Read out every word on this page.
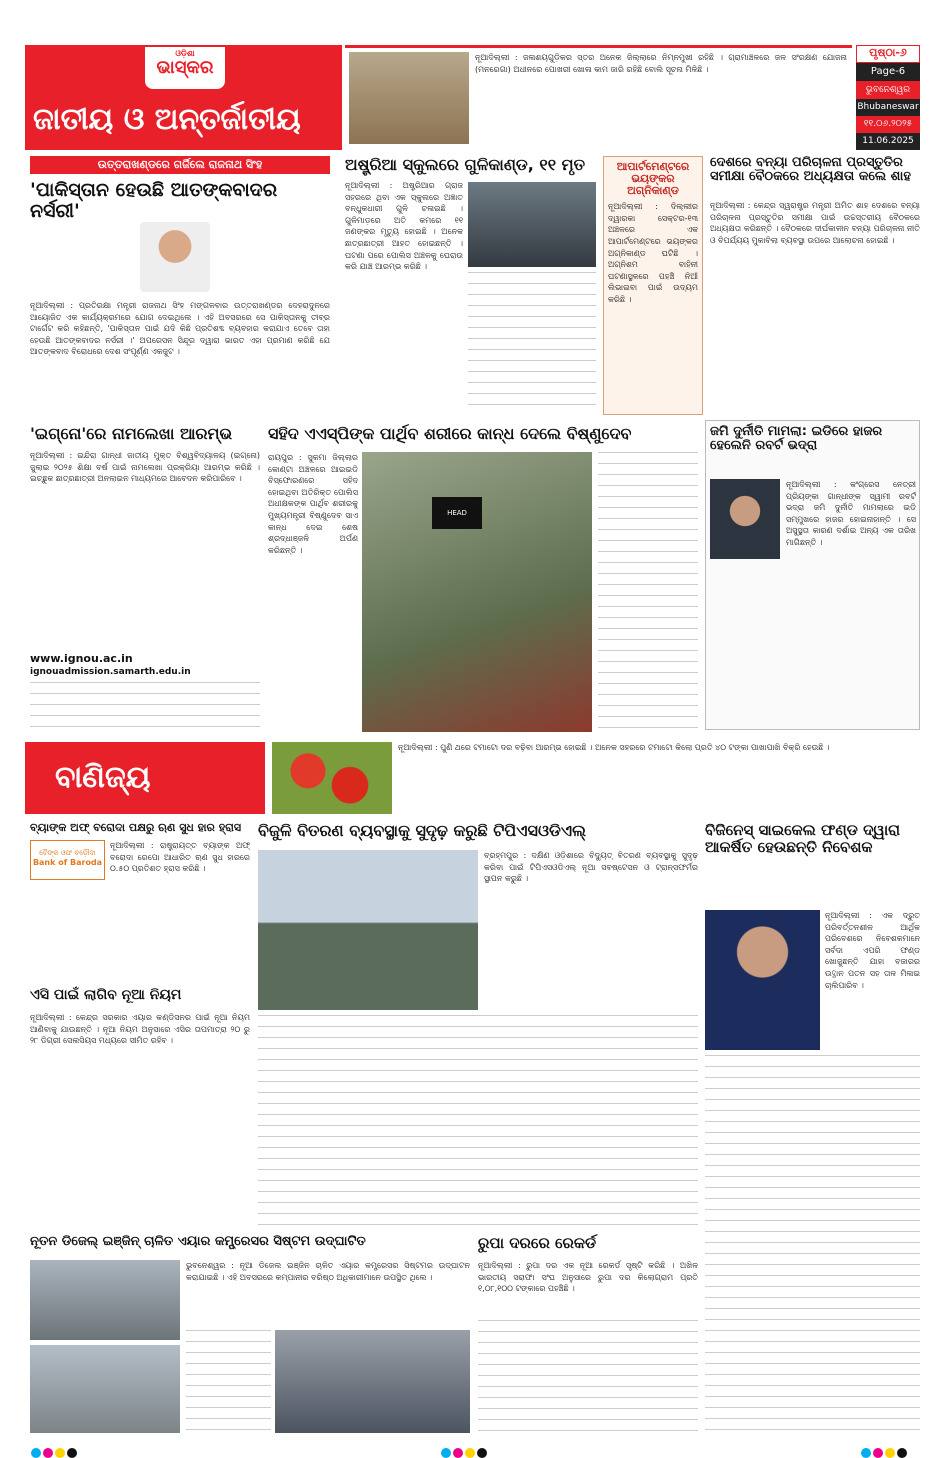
ଓଡ଼ିଶା
ଭାସ୍କର
ଜାତୀୟ ଓ ଅନ୍ତର୍ଜାତୀୟ
ନୂଆଦିଲ୍ଲୀ : ଜଳାଶୟଗୁଡ଼ିକର ସ୍ତର ଅନେକ ଜିଲ୍ଲାରେ ନିମ୍ନମୁଖୀ ରହିଛି । ଗ୍ରାମାଞ୍ଚଳରେ ଜଳ ସଂରକ୍ଷଣ ଯୋଜନା (ମନରେଗା) ଅଧୀନରେ ପୋଖରୀ ଖୋଳା କାମ ଜାରି ରହିଛି ବୋଲି ସୂଚନା ମିଳିଛି ।
ପୃଷ୍ଠା-୬
Page-6
ଭୁବନେଶ୍ୱର
Bhubaneswar
୧୧.୦୬.୨୦୨୫
11.06.2025
ଉତ୍ତରାଖଣ୍ଡରେ ଗର୍ଜିଲେ ରାଜନାଥ ସିଂହ
'ପାକିସ୍ତାନ ହେଉଛି ଆତଙ୍କବାଦର ନର୍ସରୀ'
ନୂଆଦିଲ୍ଲୀ : ପ୍ରତିରକ୍ଷା ମନ୍ତ୍ରୀ ରାଜନାଥ ସିଂହ ମଙ୍ଗଳବାର ଉତ୍ତରାଖଣ୍ଡର ଦେହରାଦୁନରେ ଆୟୋଜିତ ଏକ କାର୍ଯ୍ୟକ୍ରମରେ ଯୋଗ ଦେଇଥିଲେ । ଏହି ଅବସରରେ ସେ ପାକିସ୍ତାନକୁ ତୀବ୍ର ଟାର୍ଗେଟ କରି କହିଛନ୍ତି, 'ପାକିସ୍ତାନ ପାଇଁ ଯଦି କିଛି ପ୍ରତିଶବ୍ଦ ବ୍ୟବହାର କରାଯାଏ ତେବେ ତାହା ହେଉଛି ଆତଙ୍କବାଦର ନର୍ସରୀ ।' ଅପରେସନ ସିନ୍ଦୂର ଦ୍ୱାରା ଭାରତ ଏହା ପ୍ରମାଣ କରିଛି ଯେ ଆତଙ୍କବାଦ ବିରୋଧରେ ଦେଶ ସଂପୂର୍ଣ୍ଣ ଏକଜୁଟ ।
ଅଷ୍ଟ୍ରିଆ ସ୍କୁଲରେ ଗୁଳିକାଣ୍ଡ, ୧୧ ମୃତ
ନୂଆଦିଲ୍ଲୀ : ଅଷ୍ଟ୍ରିଆର ଗ୍ରାଜ ସହରରେ ଥିବା ଏକ ସ୍କୁଲରେ ଅଜ୍ଞାତ ବନ୍ଧୁକଧାରୀ ଗୁଳି ଚଳାଇଛି । ଗୁଳିମାଡ଼ରେ ଅତି କମରେ ୧୧ ଜଣଙ୍କର ମୃତ୍ୟୁ ହୋଇଛି । ଅନେକ ଛାତ୍ରଛାତ୍ରୀ ଆହତ ହୋଇଛନ୍ତି । ଘଟଣା ପରେ ପୋଲିସ ଅଞ୍ଚଳକୁ ଘେରାଉ କରି ଯାଞ୍ଚ ଆରମ୍ଭ କରିଛି ।
ଆପାର୍ଟମେଣ୍ଟରେ ଭୟଙ୍କର ଅଗ୍ନିକାଣ୍ଡ
ନୂଆଦିଲ୍ଲୀ : ଦିଲ୍ଲୀର ଦ୍ୱାରକା ସେକ୍ଟର-୧୩ ଅଞ୍ଚଳରେ ଏକ ଆପାର୍ଟମେଣ୍ଟରେ ଭୟଙ୍କର ଅଗ୍ନିକାଣ୍ଡ ଘଟିଛି । ଅଗ୍ନିଶମ ବାହିନୀ ଘଟଣାସ୍ଥଳରେ ପହଞ୍ଚି ନିଆଁ ଲିଭାଇବା ପାଇଁ ଉଦ୍ୟମ କରିଛି ।
ଦେଶରେ ବନ୍ୟା ପରିଚାଳନା ପ୍ରସ୍ତୁତିର ସମୀକ୍ଷା ବୈଠକରେ ଅଧ୍ୟକ୍ଷତା କଲେ ଶାହ
ନୂଆଦିଲ୍ଲୀ : କେନ୍ଦ୍ର ସ୍ୱରାଷ୍ଟ୍ର ମନ୍ତ୍ରୀ ଅମିତ ଶାହ ଦେଶରେ ବନ୍ୟା ପରିଚାଳନା ପ୍ରସ୍ତୁତିର ସମୀକ୍ଷା ପାଇଁ ଉଚ୍ଚସ୍ତରୀୟ ବୈଠକରେ ଅଧ୍ୟକ୍ଷତା କରିଛନ୍ତି । ବୈଠକରେ ଦୀର୍ଘକାଳୀନ ବନ୍ୟା ପରିଚାଳନା ନୀତି ଓ ବିପର୍ଯ୍ୟୟ ମୁକାବିଲା ବ୍ୟବସ୍ଥା ଉପରେ ଆଲୋଚନା ହୋଇଛି ।
'ଇଗ୍ନୋ'ରେ ନାମଲେଖା ଆରମ୍ଭ
ନୂଆଦିଲ୍ଲୀ : ଇନ୍ଦିରା ଗାନ୍ଧୀ ଜାତୀୟ ମୁକ୍ତ ବିଶ୍ୱବିଦ୍ୟାଳୟ (ଇଗ୍ନୋ) ଜୁଲାଇ ୨୦୨୫ ଶିକ୍ଷା ବର୍ଷ ପାଇଁ ନାମଲେଖା ପ୍ରକ୍ରିୟା ଆରମ୍ଭ କରିଛି । ଇଚ୍ଛୁକ ଛାତ୍ରଛାତ୍ରୀ ଅନଲାଇନ ମାଧ୍ୟମରେ ଆବେଦନ କରିପାରିବେ ।
www.ignou.ac.in
ignouadmission.samarth.edu.in
ସହିଦ ଏଏସ୍‌ପିଙ୍କ ପାର୍ଥିବ ଶରୀରେ କାନ୍ଧ ଦେଲେ ବିଷ୍ଣୁଦେବ
ରାୟପୁର : ସୁକମା ଜିଲ୍ଲାର କୋଣ୍ଟା ଅଞ୍ଚଳରେ ଆଇଇଡି ବିସ୍ଫୋରଣରେ ସହିଦ ହୋଇଥିବା ଅତିରିକ୍ତ ପୋଲିସ ଅଧୀକ୍ଷକଙ୍କ ପାର୍ଥିବ ଶରୀରକୁ ମୁଖ୍ୟମନ୍ତ୍ରୀ ବିଷ୍ଣୁଦେବ ସାଏ କାନ୍ଧ ଦେଇ ଶେଷ ଶ୍ରଦ୍ଧାଞ୍ଜଳି ଅର୍ପଣ କରିଛନ୍ତି ।
HEAD
ଜମି ଦୁର୍ନୀତି ମାମଲା: ଇଡିରେ ହାଜର ହେଲେନି ରବର୍ଟ ଭଦ୍ରା
ନୂଆଦିଲ୍ଲୀ : କଂଗ୍ରେସ ନେତ୍ରୀ ପ୍ରିୟଙ୍କା ଗାନ୍ଧୀଙ୍କ ସ୍ୱାମୀ ରବର୍ଟ ଭଦ୍ରା ଜମି ଦୁର୍ନୀତି ମାମଲାରେ ଇଡି ସମ୍ମୁଖରେ ହାଜର ହୋଇନାହାନ୍ତି । ସେ ଅସୁସ୍ଥତା କାରଣ ଦର୍ଶାଇ ଅନ୍ୟ ଏକ ତାରିଖ ମାଗିଛନ୍ତି ।
ବାଣିଜ୍ୟ
ନୂଆଦିଲ୍ଲୀ : ପୁଣି ଥରେ ଟମାଟୋ ଦର ବଢ଼ିବା ଆରମ୍ଭ ହୋଇଛି । ଅନେକ ସହରରେ ଟମାଟୋ କିଲୋ ପ୍ରତି ୪୦ ଟଙ୍କା ପାଖାପାଖି ବିକ୍ରି ହେଉଛି ।
ବ୍ୟାଙ୍କ ଅଫ୍ ବରୋଦା ପକ୍ଷରୁ ଋଣ ସୁଧ ହାର ହ୍ରାସ
ବୈଙ୍କ ଓଫ ବଡ଼ୌଦା
Bank of Baroda
ନୂଆଦିଲ୍ଲୀ : ରାଷ୍ଟ୍ରାୟତ୍ତ ବ୍ୟାଙ୍କ ଅଫ୍ ବରୋଦା ରେପୋ ଆଧାରିତ ଋଣ ସୁଧ ହାରରେ ୦.୫୦ ପ୍ରତିଶତ ହ୍ରାସ କରିଛି ।
ଏସି ପାଇଁ ଲାଗିବ ନୂଆ ନିୟମ
ନୂଆଦିଲ୍ଲୀ : କେନ୍ଦ୍ର ସରକାର ଏୟାର କଣ୍ଡିସନର ପାଇଁ ନୂଆ ନିୟମ ଆଣିବାକୁ ଯାଉଛନ୍ତି । ନୂଆ ନିୟମ ଅନୁସାରେ ଏସିର ତାପମାତ୍ରା ୨୦ ରୁ ୨୮ ଡିଗ୍ରୀ ସେଲସିୟସ ମଧ୍ୟରେ ସୀମିତ ରହିବ ।
ବିଜୁଳି ବିତରଣ ବ୍ୟବସ୍ଥାକୁ ସୁଦୃଢ଼ କରୁଛି ଟିପିଏସଓଡିଏଲ୍
ବ୍ରହ୍ମପୁର : ଦକ୍ଷିଣ ଓଡ଼ିଶାରେ ବିଦ୍ୟୁତ୍ ବିତରଣ ବ୍ୟବସ୍ଥାକୁ ସୁଦୃଢ଼ କରିବା ପାଇଁ ଟିପିଏସଓଡିଏଲ୍ ନୂଆ ସବଷ୍ଟେସନ ଓ ଟ୍ରାନ୍ସଫର୍ମର ସ୍ଥାପନ କରୁଛି ।
ବିଜିନେସ୍ ସାଇକେଲ ଫଣ୍ଡ ଦ୍ୱାରା ଆକର୍ଷିତ ହେଉଛନ୍ତି ନିବେଶକ
ନୂଆଦିଲ୍ଲୀ : ଏକ ଦ୍ରୁତ ପରିବର୍ତ୍ତନଶୀଳ ଆର୍ଥିକ ପରିବେଶରେ ନିବେଶକମାନେ ସର୍ବଦା ଏପରି ଫଣ୍ଡ ଖୋଜୁଛନ୍ତି ଯାହା ବଜାରର ଉତ୍ଥାନ ପତନ ସହ ତାଳ ମିଳାଇ ଚାଲିପାରିବ ।
ନୂତନ ଡିଜେଲ୍ ଇଞ୍ଜିନ୍ ଚାଳିତ ଏୟାର କମ୍ପ୍ରେସର ସିଷ୍ଟମ ଉଦ୍‌ଘାଟିତ
ଭୁବନେଶ୍ୱର : ନୂଆ ଡିଜେଲ ଇଞ୍ଜିନ ଚାଳିତ ଏୟାର କମ୍ପ୍ରେସର ସିଷ୍ଟମର ଉଦ୍‌ଘାଟନ କରାଯାଇଛି । ଏହି ଅବସରରେ କମ୍ପାନୀର ବରିଷ୍ଠ ଅଧିକାରୀମାନେ ଉପସ୍ଥିତ ଥିଲେ ।
ରୁପା ଦରରେ ରେକର୍ଡ
ନୂଆଦିଲ୍ଲୀ : ରୁପା ଦର ଏକ ନୂଆ ରେକର୍ଡ ସୃଷ୍ଟି କରିଛି । ଅଖିଳ ଭାରତୀୟ ସରାଫା ସଂଘ ଅନୁସାରେ ରୁପା ଦର କିଲୋଗ୍ରାମ ପ୍ରତି ୧,୦୮,୧୦୦ ଟଙ୍କାରେ ପହଞ୍ଚିଛି ।
